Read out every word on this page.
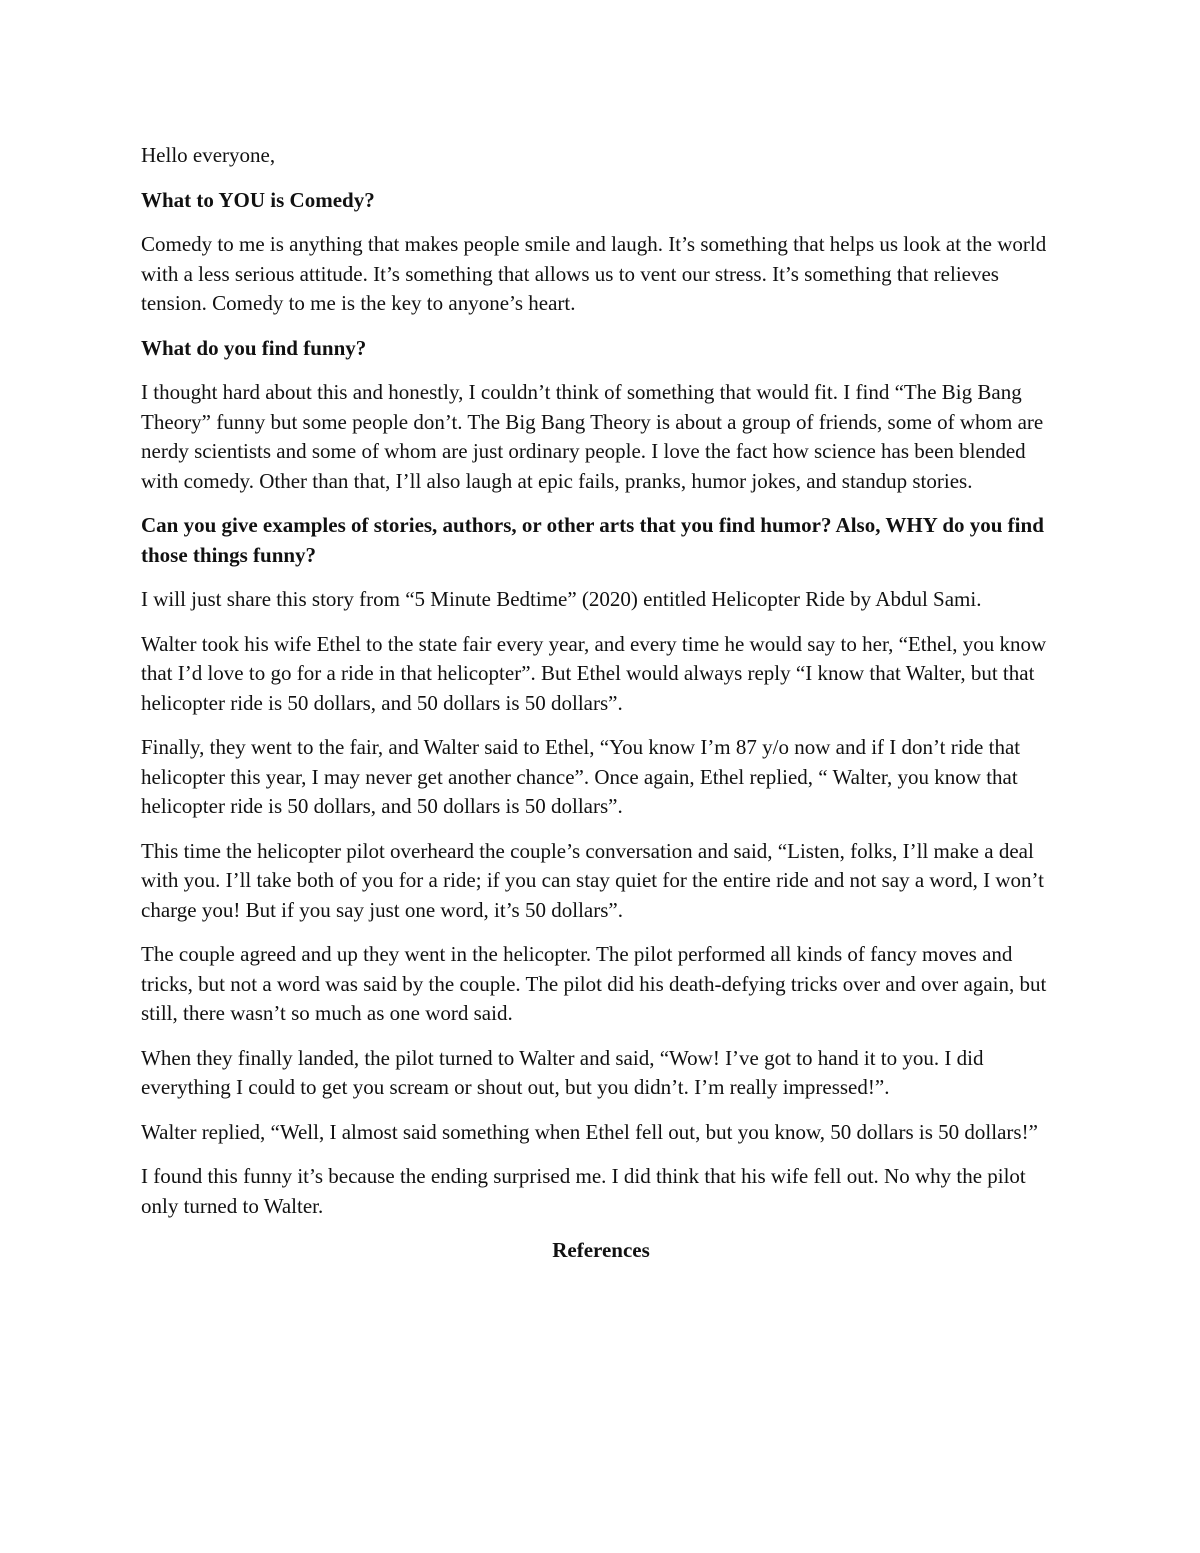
Hello everyone,

What to YOU is Comedy?

Comedy to me is anything that makes people smile and laugh. It’s something that helps us look at the world with a less serious attitude. It’s something that allows us to vent our stress. It’s something that relieves tension. Comedy to me is the key to anyone’s heart.

What do you find funny?

I thought hard about this and honestly, I couldn’t think of something that would fit. I find “The Big Bang Theory” funny but some people don’t. The Big Bang Theory is about a group of friends, some of whom are nerdy scientists and some of whom are just ordinary people. I love the fact how science has been blended with comedy. Other than that, I’ll also laugh at epic fails, pranks, humor jokes, and standup stories.

Can you give examples of stories, authors, or other arts that you find humor? Also, WHY do you find those things funny?

I will just share this story from “5 Minute Bedtime” (2020) entitled Helicopter Ride by Abdul Sami.

Walter took his wife Ethel to the state fair every year, and every time he would say to her, “Ethel, you know that I’d love to go for a ride in that helicopter”. But Ethel would always reply “I know that Walter, but that helicopter ride is 50 dollars, and 50 dollars is 50 dollars”.

Finally, they went to the fair, and Walter said to Ethel, “You know I’m 87 y/o now and if I don’t ride that helicopter this year, I may never get another chance”. Once again, Ethel replied, “ Walter, you know that helicopter ride is 50 dollars, and 50 dollars is 50 dollars”.

This time the helicopter pilot overheard the couple’s conversation and said, “Listen, folks, I’ll make a deal with you. I’ll take both of you for a ride; if you can stay quiet for the entire ride and not say a word, I won’t charge you! But if you say just one word, it’s 50 dollars”.

The couple agreed and up they went in the helicopter. The pilot performed all kinds of fancy moves and tricks, but not a word was said by the couple. The pilot did his death-defying tricks over and over again, but still, there wasn’t so much as one word said.

When they finally landed, the pilot turned to Walter and said, “Wow! I’ve got to hand it to you. I did everything I could to get you scream or shout out, but you didn’t. I’m really impressed!”.

Walter replied, “Well, I almost said something when Ethel fell out, but you know, 50 dollars is 50 dollars!”

I found this funny it’s because the ending surprised me. I did think that his wife fell out. No why the pilot only turned to Walter.

References
